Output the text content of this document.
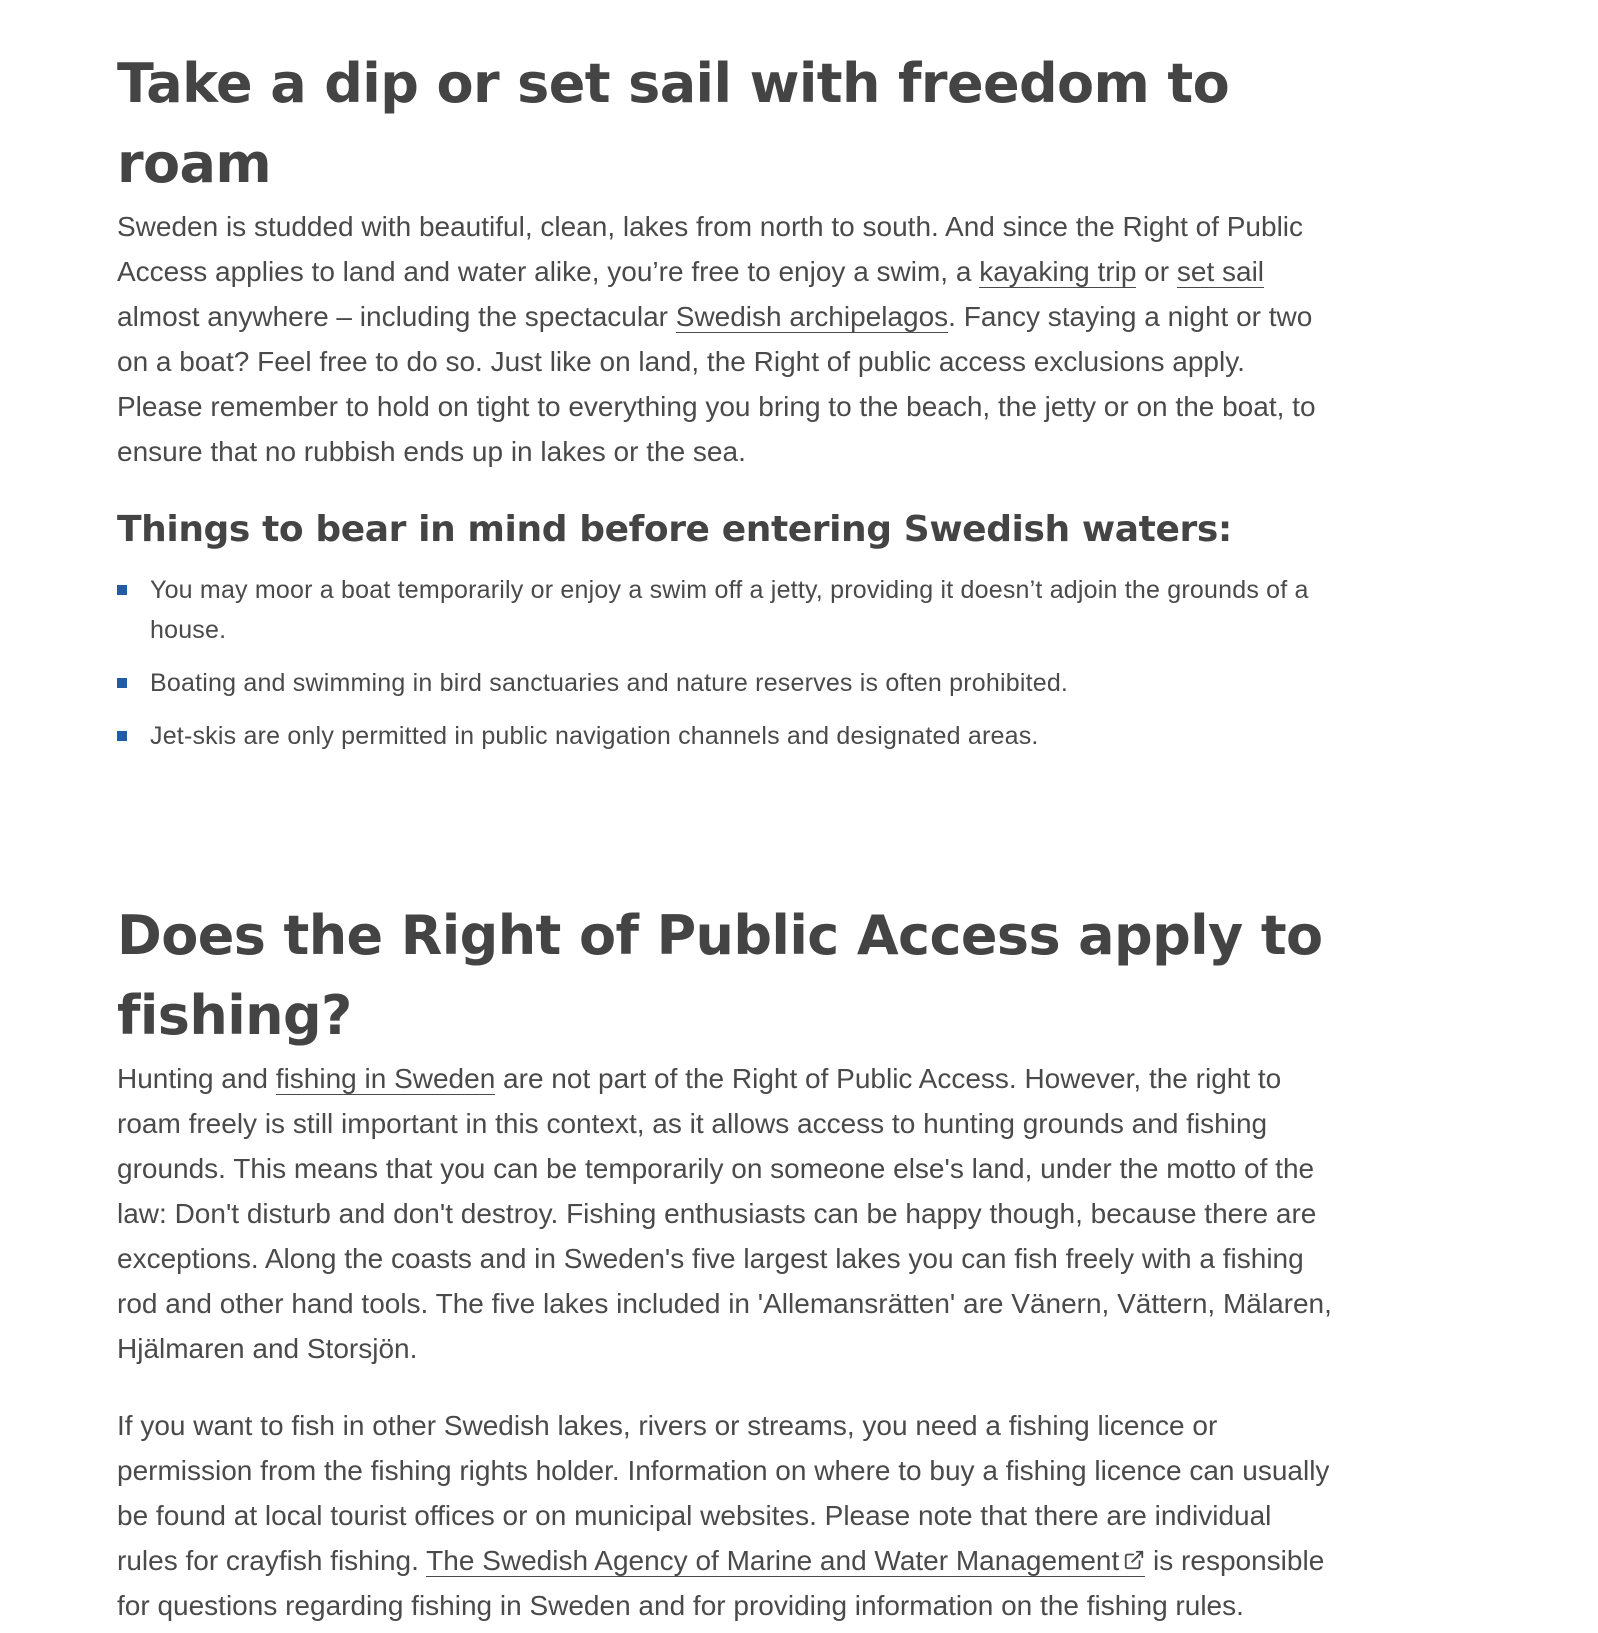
Take a dip or set sail with freedom to roam

Sweden is studded with beautiful, clean, lakes from north to south. And since the Right of Public Access applies to land and water alike, you’re free to enjoy a swim, a kayaking trip or set sail almost anywhere – including the spectacular Swedish archipelagos. Fancy staying a night or two on a boat? Feel free to do so. Just like on land, the Right of public access exclusions apply. Please remember to hold on tight to everything you bring to the beach, the jetty or on the boat, to ensure that no rubbish ends up in lakes or the sea.

Things to bear in mind before entering Swedish waters:
You may moor a boat temporarily or enjoy a swim off a jetty, providing it doesn’t adjoin the grounds of a house.
Boating and swimming in bird sanctuaries and nature reserves is often prohibited.
Jet-skis are only permitted in public navigation channels and designated areas.
Does the Right of Public Access apply to fishing?

Hunting and fishing in Sweden are not part of the Right of Public Access. However, the right to roam freely is still important in this context, as it allows access to hunting grounds and fishing grounds. This means that you can be temporarily on someone else's land, under the motto of the law: Don't disturb and don't destroy. Fishing enthusiasts can be happy though, because there are exceptions. Along the coasts and in Sweden's five largest lakes you can fish freely with a fishing rod and other hand tools. The five lakes included in 'Allemansrätten' are Vänern, Vättern, Mälaren, Hjälmaren and Storsjön.

If you want to fish in other Swedish lakes, rivers or streams, you need a fishing licence or permission from the fishing rights holder. Information on where to buy a fishing licence can usually be found at local tourist offices or on municipal websites. Please note that there are individual rules for crayfish fishing. The Swedish Agency of Marine and Water Management is responsible for questions regarding fishing in Sweden and for providing information on the fishing rules.
